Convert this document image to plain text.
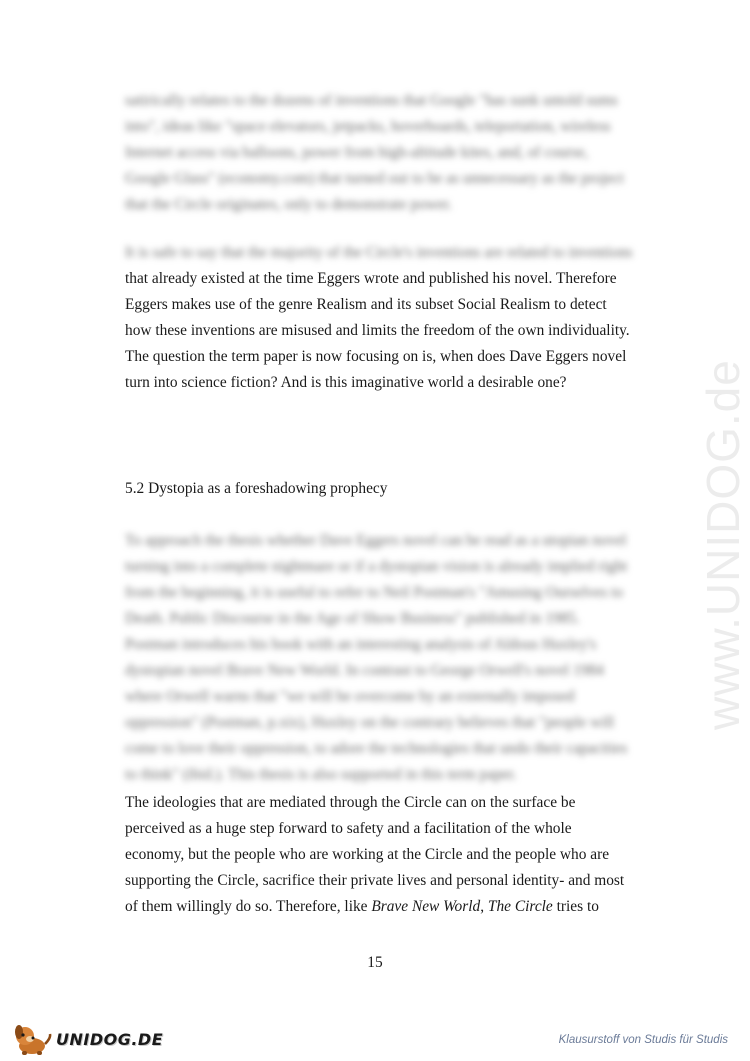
www.UNIDOG.de
satirically relates to the dozens of inventions that Google "has sunk untold sums
into", ideas like "space elevators, jetpacks, hoverboards, teleportation, wireless
Internet access via balloons, power from high-altitude kites, and, of course,
Google Glass" (economy.com) that turned out to be as unnecessary as the project
that the Circle originates, only to demonstrate power.
It is safe to say that the majority of the Circle's inventions are related to inventions
that already existed at the time Eggers wrote and published his novel. Therefore
Eggers makes use of the genre Realism and its subset Social Realism to detect
how these inventions are misused and limits the freedom of the own individuality.
The question the term paper is now focusing on is, when does Dave Eggers novel
turn into science fiction? And is this imaginative world a desirable one?
5.2 Dystopia as a foreshadowing prophecy
To approach the thesis whether Dave Eggers novel can be read as a utopian novel
turning into a complete nightmare or if a dystopian vision is already implied right
from the beginning, it is useful to refer to Neil Postman's "Amusing Ourselves to
Death. Public Discourse in the Age of Show Business" published in 1985.
Postman introduces his book with an interesting analysis of Aldous Huxley's
dystopian novel Brave New World. In contrast to George Orwell's novel 1984
where Orwell warns that "we will be overcome by an externally imposed
oppression" (Postman, p.xix), Huxley on the contrary believes that "people will
come to love their oppression, to adore the technologies that undo their capacities
to think" (ibid.). This thesis is also supported in this term paper.
The ideologies that are mediated through the Circle can on the surface be
perceived as a huge step forward to safety and a facilitation of the whole
economy, but the people who are working at the Circle and the people who are
supporting the Circle, sacrifice their private lives and personal identity- and most
of them willingly do so. Therefore, like Brave New World, The Circle tries to
15
UNIDOG.DE	Klausurstoff von Studis für Studis
